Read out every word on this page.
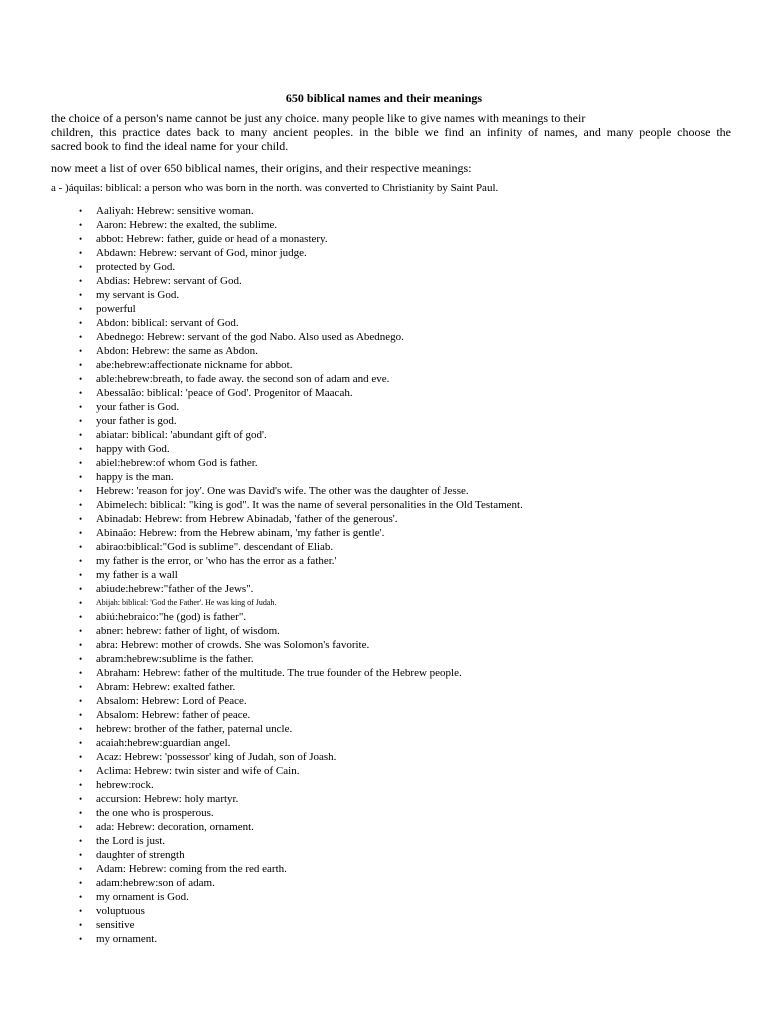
650 biblical names and their meanings
the choice of a person's name cannot be just any choice. many people like to give names with meanings to their
children, this practice dates back to many ancient peoples. in the bible we find an infinity of names, and many people choose the
sacred book to find the ideal name for your child.

now meet a list of over 650 biblical names, their origins, and their respective meanings:

a - )áquilas: biblical: a person who was born in the north. was converted to Christianity by Saint Paul.

• Aaliyah: Hebrew: sensitive woman.
• Aaron: Hebrew: the exalted, the sublime.
• abbot: Hebrew: father, guide or head of a monastery.
• Abdawn: Hebrew: servant of God, minor judge.
• protected by God.
• Abdias: Hebrew: servant of God.
• my servant is God.
• powerful
• Abdon: biblical: servant of God.
• Abednego: Hebrew: servant of the god Nabo. Also used as Abednego.
• Abdon: Hebrew: the same as Abdon.
• abe:hebrew:affectionate nickname for abbot.
• able:hebrew:breath, to fade away. the second son of adam and eve.
• Abessalão: biblical: 'peace of God'. Progenitor of Maacah.
• your father is God.
• your father is god.
• abiatar: biblical: 'abundant gift of god'.
• happy with God.
• abiel:hebrew:of whom God is father.
• happy is the man.
• Hebrew: 'reason for joy'. One was David's wife. The other was the daughter of Jesse.
• Abimelech: biblical: "king is god". It was the name of several personalities in the Old Testament.
• Abinadab: Hebrew: from Hebrew Abinadab, 'father of the generous'.
• Abinaão: Hebrew: from the Hebrew abinam, 'my father is gentle'.
• abirao:biblical:"God is sublime". descendant of Eliab.
• my father is the error, or 'who has the error as a father.'
• my father is a wall
• abiude:hebrew:"father of the Jews".
• Abijah: biblical: 'God the Father'. He was king of Judah.
• abiú:hebraico:"he (god) is father".
• abner: hebrew: father of light, of wisdom.
• abra: Hebrew: mother of crowds. She was Solomon's favorite.
• abram:hebrew:sublime is the father.
• Abraham: Hebrew: father of the multitude. The true founder of the Hebrew people.
• Abram: Hebrew: exalted father.
• Absalom: Hebrew: Lord of Peace.
• Absalom: Hebrew: father of peace.
• hebrew: brother of the father, paternal uncle.
• acaiah:hebrew:guardian angel.
• Acaz: Hebrew: 'possessor' king of Judah, son of Joash.
• Aclima: Hebrew: twin sister and wife of Cain.
• hebrew:rock.
• accursion: Hebrew: holy martyr.
• the one who is prosperous.
• ada: Hebrew: decoration, ornament.
• the Lord is just.
• daughter of strength
• Adam: Hebrew: coming from the red earth.
• adam:hebrew:son of adam.
• my ornament is God.
• voluptuous
• sensitive
• my ornament.
